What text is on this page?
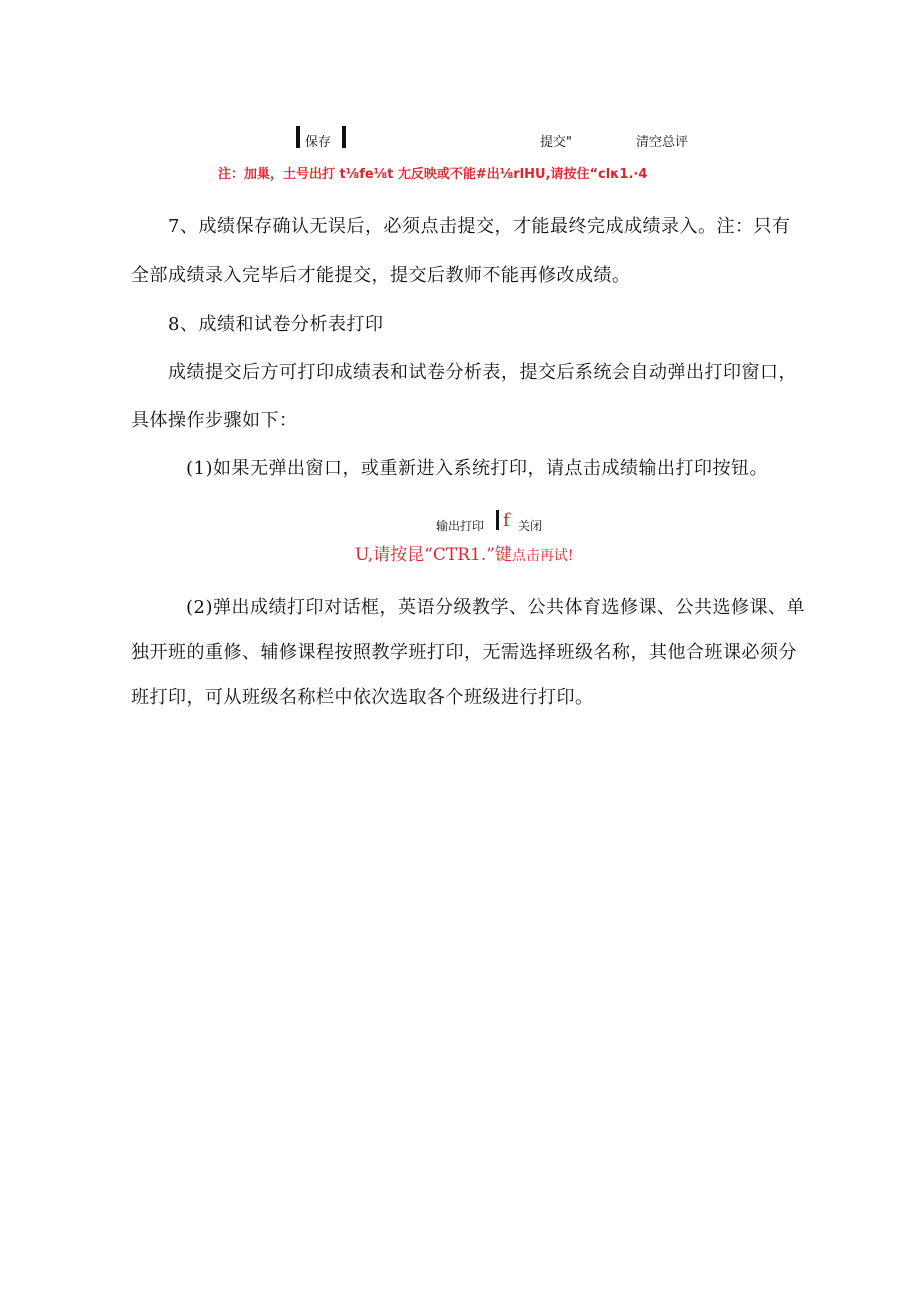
保存	提交"	清空总评
注：加巢，土号出打 t⅛fe⅛t 尢反映或不能#出⅛rlHU,请按住“clκ1.∙4
7、成绩保存确认无误后，必须点击提交，才能最终完成成绩录入。注：只有
全部成绩录入完毕后才能提交，提交后教师不能再修改成绩。
8、成绩和试卷分析表打印
成绩提交后方可打印成绩表和试卷分析表，提交后系统会自动弹出打印窗口，
具体操作步骤如下：
(1)如果无弹出窗口，或重新进入系统打印，请点击成绩输出打印按钮。
输出打印 f 关闭
U,请按昆“CTR1.”键点击再试!
(2)弹出成绩打印对话框，英语分级教学、公共体育选修课、公共选修课、单
独开班的重修、辅修课程按照教学班打印，无需选择班级名称，其他合班课必须分
班打印，可从班级名称栏中依次选取各个班级进行打印。
